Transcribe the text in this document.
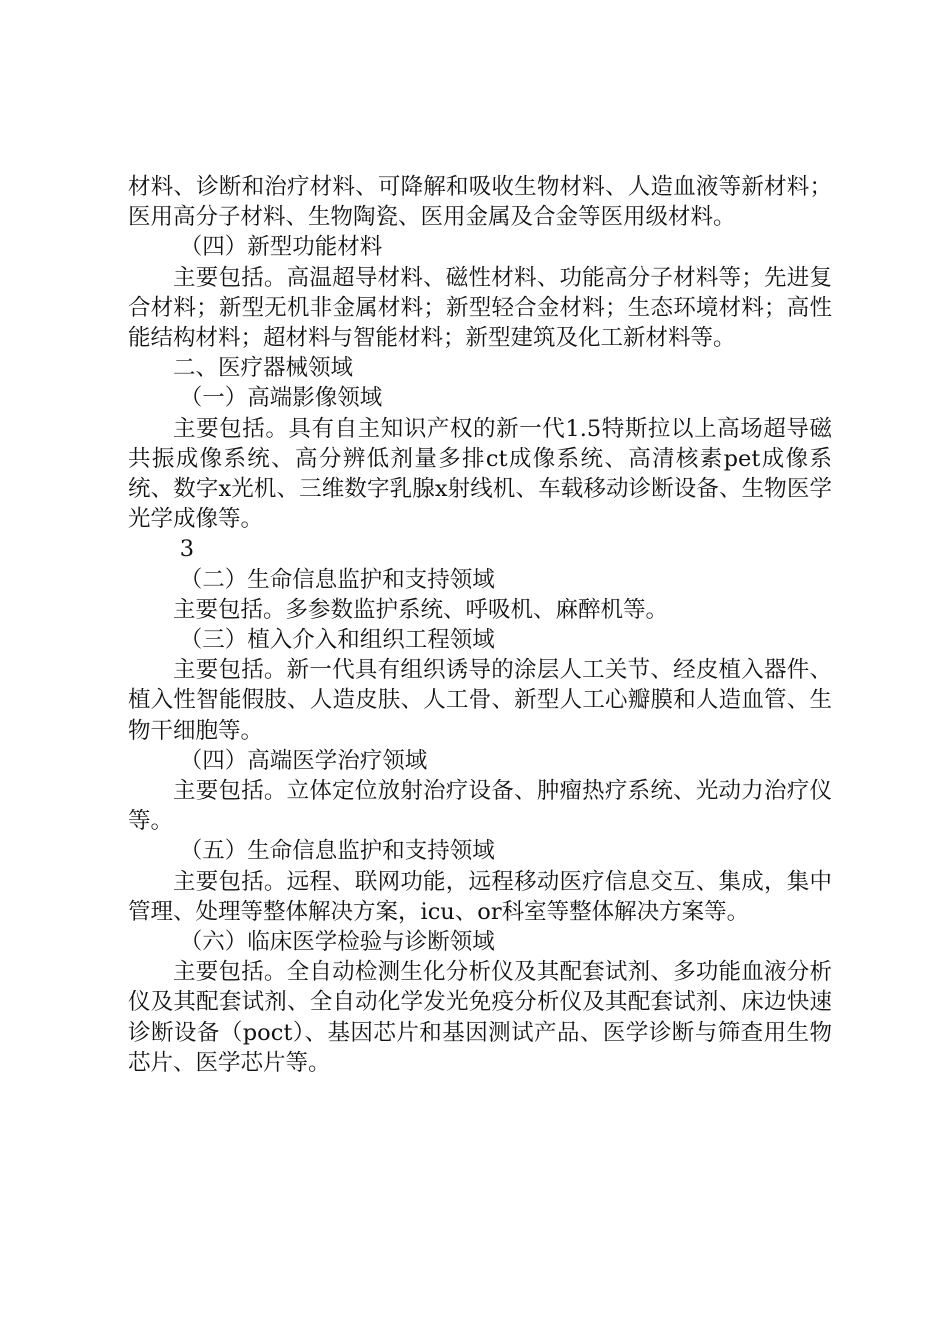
材料、诊断和治疗材料、可降解和吸收生物材料、人造血液等新材料；医用高分子材料、生物陶瓷、医用金属及合金等医用级材料。

（四）新型功能材料

主要包括。高温超导材料、磁性材料、功能高分子材料等；先进复合材料；新型无机非金属材料；新型轻合金材料；生态环境材料；高性能结构材料；超材料与智能材料；新型建筑及化工新材料等。

二、医疗器械领域

（一）高端影像领域

主要包括。具有自主知识产权的新一代1.5特斯拉以上高场超导磁共振成像系统、高分辨低剂量多排ct成像系统、高清核素pet成像系统、数字x光机、三维数字乳腺x射线机、车载移动诊断设备、生物医学光学成像等。

3

（二）生命信息监护和支持领域

主要包括。多参数监护系统、呼吸机、麻醉机等。

（三）植入介入和组织工程领域

主要包括。新一代具有组织诱导的涂层人工关节、经皮植入器件、植入性智能假肢、人造皮肤、人工骨、新型人工心瓣膜和人造血管、生物干细胞等。

（四）高端医学治疗领域

主要包括。立体定位放射治疗设备、肿瘤热疗系统、光动力治疗仪等。

（五）生命信息监护和支持领域

主要包括。远程、联网功能，远程移动医疗信息交互、集成，集中管理、处理等整体解决方案，icu、or科室等整体解决方案等。

（六）临床医学检验与诊断领域

主要包括。全自动检测生化分析仪及其配套试剂、多功能血液分析仪及其配套试剂、全自动化学发光免疫分析仪及其配套试剂、床边快速诊断设备（poct）、基因芯片和基因测试产品、医学诊断与筛查用生物芯片、医学芯片等。
